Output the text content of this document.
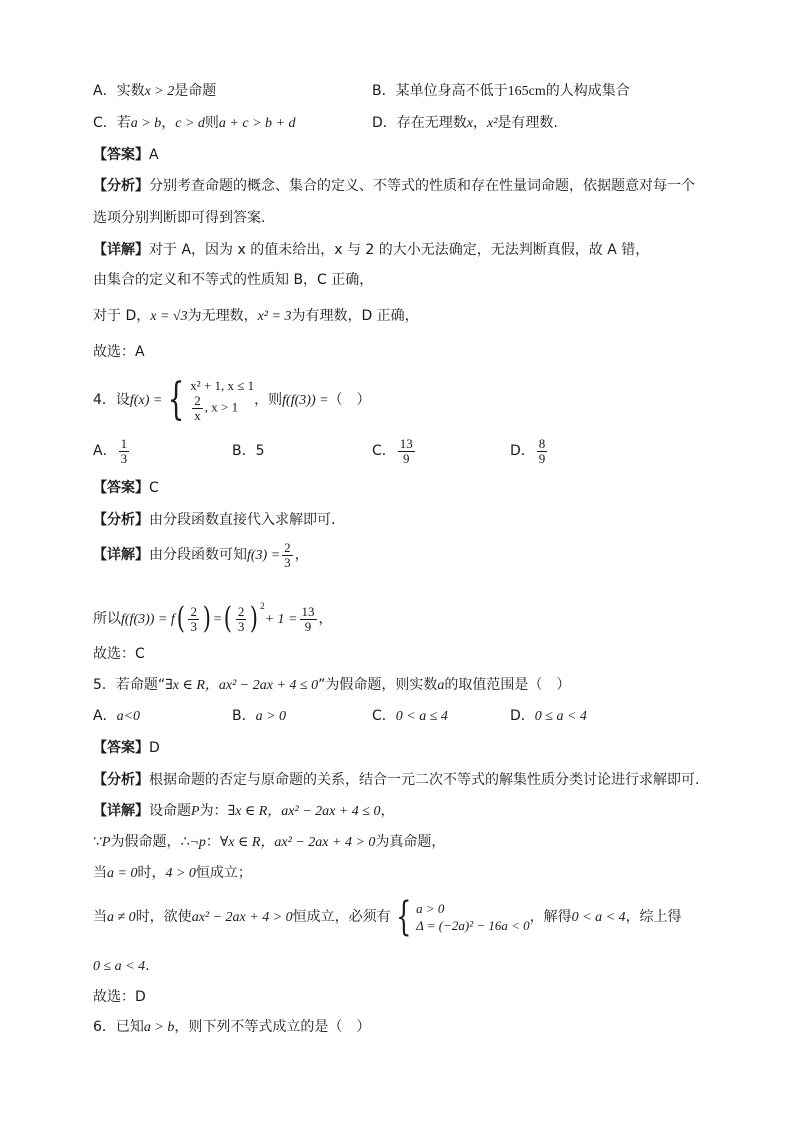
A．实数x > 2是命题	B．某单位身高不低于165cm的人构成集合
C．若a > b，c > d则a + c > b + d	D．存在无理数x，x²是有理数.
【答案】A
【分析】分别考查命题的概念、集合的定义、不等式的性质和存在性量词命题，依据题意对每一个
选项分别判断即可得到答案.
【详解】对于 A，因为 x 的值未给出，x 与 2 的大小无法确定，无法判断真假，故 A 错，
由集合的定义和不等式的性质知 B，C 正确，
对于 D，x = √3为无理数，x² = 3为有理数，D 正确，
故选：A
4．设f(x) = { x² + 1, x ≤ 1
$\frac{2}{x}$ , x > 1	，则f(f(3)) =（　）
A． $\frac{1}{3}$	B．5	C． $\frac{13}{9}$	D． $\frac{8}{9}$
【答案】C
【分析】由分段函数直接代入求解即可.
【详解】由分段函数可知$f(3) = \frac{2}{3}$ ，
所以$f(f(3)) = f( \frac{2}{3}$ ) =( $\frac{2}{3}$ ) $^2+ 1 = \frac{13}{9}$ ，
故选：C
5．若命题“∃x ∈ R，ax² − 2ax + 4 ≤ 0”为假命题，则实数a的取值范围是（　）
A．a<0	B．a > 0	C．0 < a ≤ 4	D．0 ≤ a < 4
【答案】D
【分析】根据命题的否定与原命题的关系，结合一元二次不等式的解集性质分类讨论进行求解即可.
【详解】设命题P为：∃x ∈ R，ax² − 2ax + 4 ≤ 0，
∵P为假命题，∴¬p：∀x ∈ R，ax² − 2ax + 4 > 0为真命题，
当a = 0时，4 > 0恒成立；
当a ≠ 0时，欲使ax² − 2ax + 4 > 0恒成立，必须有 { a > 0
Δ = (−2a)² − 16a < 0
，解得0 < a < 4，综上得
0 ≤ a < 4.
故选：D
6．已知a > b，则下列不等式成立的是（　）
